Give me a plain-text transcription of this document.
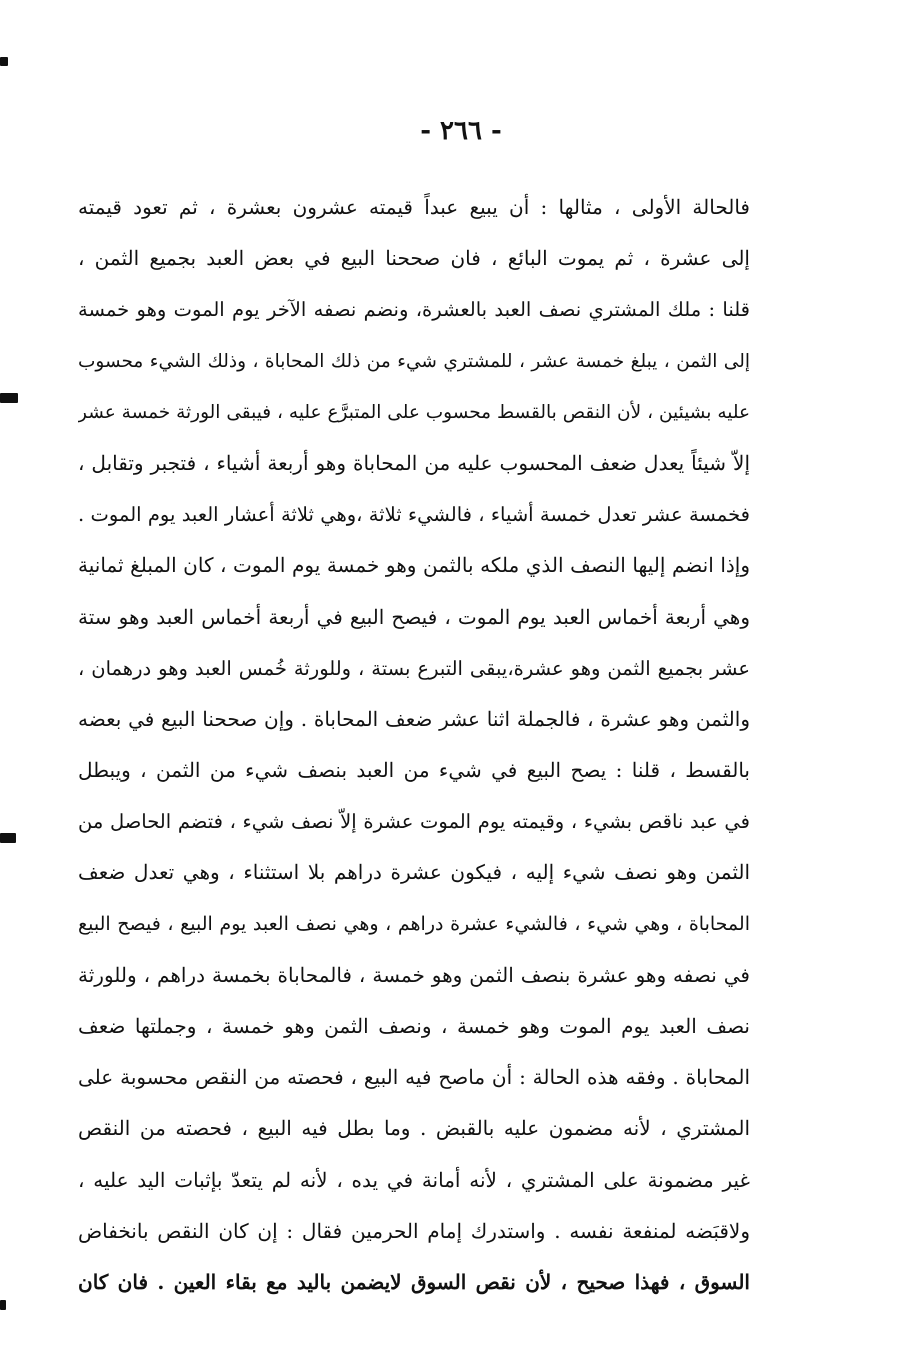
- ٢٦٦ -
فالحالة الأولى ، مثالها : أن يبيع عبداً قيمته عشرون بعشرة ، ثم تعود قيمته
إلى عشرة ، ثم يموت البائع ، فان صححنا البيع في بعض العبد بجميع الثمن ،
قلنا : ملك المشتري نصف العبد بالعشرة، ونضم نصفه الآخر يوم الموت وهو خمسة
إلى الثمن ، يبلغ خمسة عشر ، للمشتري شيء من ذلك المحاباة ، وذلك الشيء محسوب
عليه بشيئين ، لأن النقص بالقسط محسوب على المتبرَّع عليه ، فيبقى الورثة خمسة عشر
إلاّ شيئاً يعدل ضعف المحسوب عليه من المحاباة وهو أربعة أشياء ، فتجبر وتقابل ،
فخمسة عشر تعدل خمسة أشياء ، فالشيء ثلاثة ،وهي ثلاثة أعشار العبد يوم الموت .
وإذا انضم إليها النصف الذي ملكه بالثمن وهو خمسة يوم الموت ، كان المبلغ ثمانية
وهي أربعة أخماس العبد يوم الموت ، فيصح البيع في أربعة أخماس العبد وهو ستة
عشر بجميع الثمن وهو عشرة،يبقى التبرع بستة ، وللورثة خُمس العبد وهو درهمان ،
والثمن وهو عشرة ، فالجملة اثنا عشر ضعف المحاباة . وإن صححنا البيع في بعضه
بالقسط ، قلنا : يصح البيع في شيء من العبد بنصف شيء من الثمن ، ويبطل
في عبد ناقص بشيء ، وقيمته يوم الموت عشرة إلاّ نصف شيء ، فتضم الحاصل من
الثمن وهو نصف شيء إليه ، فيكون عشرة دراهم بلا استثناء ، وهي تعدل ضعف
المحاباة ، وهي شيء ، فالشيء عشرة دراهم ، وهي نصف العبد يوم البيع ، فيصح البيع
في نصفه وهو عشرة بنصف الثمن وهو خمسة ، فالمحاباة بخمسة دراهم ، وللورثة
نصف العبد يوم الموت وهو خمسة ، ونصف الثمن وهو خمسة ، وجملتها ضعف
المحاباة . وفقه هذه الحالة : أن ماصح فيه البيع ، فحصته من النقص محسوبة على
المشتري ، لأنه مضمون عليه بالقبض . وما بطل فيه البيع ، فحصته من النقص
غير مضمونة على المشتري ، لأنه أمانة في يده ، لأنه لم يتعدّ بإثبات اليد عليه ،
ولاقبَضه لمنفعة نفسه . واستدرك إمام الحرمين فقال : إن كان النقص بانخفاض
السوق ، فهذا صحيح ، لأن نقص السوق لايضمن باليد مع بقاء العين . فان كان
